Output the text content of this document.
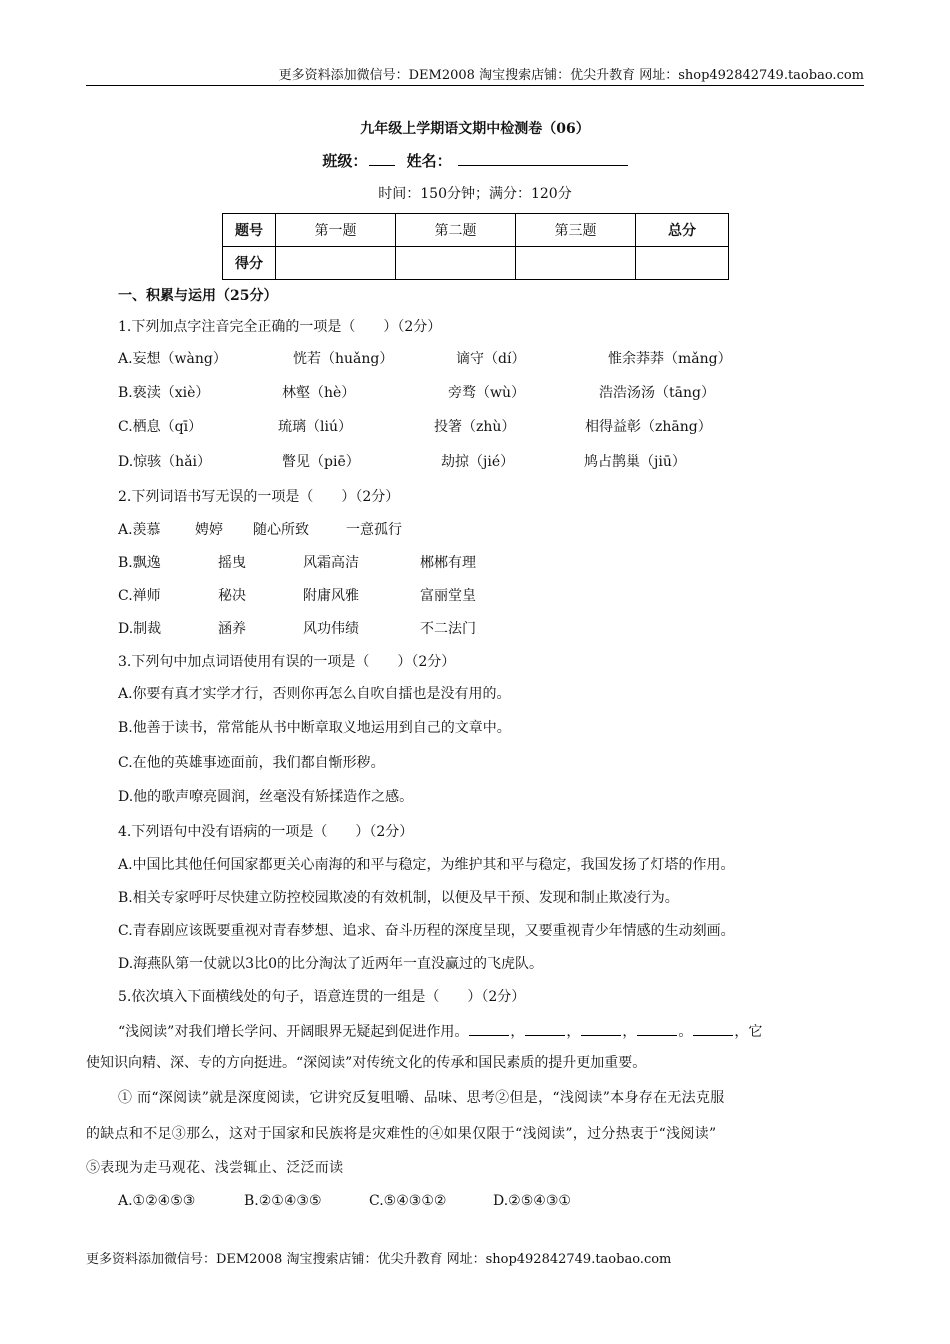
更多资料添加微信号：DEM2008 淘宝搜索店铺：优尖升教育 网址：shop492842749.taobao.com
九年级上学期语文期中检测卷（06）
班级：	姓名：
时间：150分钟；满分：120分
题号	第一题	第二题	第三题	总分
得分				
一、积累与运用（25分）
1.下列加点字注音完全正确的一项是（　　）（2分）
A.妄想（wàng）	恍若（huǎng）	谪守（dí）	惟余莽莽（mǎng）
B.亵渎（xiè）	林壑（hè）	旁骛（wù）	浩浩汤汤（tāng）
C.栖息（qī）	琉璃（liú）	投箸（zhù）	相得益彰（zhāng）
D.惊骇（hǎi）	瞥见（piē）	劫掠（jié）	鸠占鹊巢（jiū）
2.下列词语书写无误的一项是（　　）（2分）
A.羡慕 娉婷 随心所致	一意孤行
B.飘逸	摇曳	风霜高洁	郴郴有理
C.禅师	秘决	附庸风雅	富丽堂皇
D.制裁	涵养	风功伟绩	不二法门
3.下列句中加点词语使用有误的一项是（　　）（2分）
A.你要有真才实学才行，否则你再怎么自吹自擂也是没有用的。
B.他善于读书，常常能从书中断章取义地运用到自己的文章中。
C.在他的英雄事迹面前，我们都自惭形秽。
D.他的歌声嘹亮圆润，丝毫没有矫揉造作之感。
4.下列语句中没有语病的一项是（　　）（2分）
A.中国比其他任何国家都更关心南海的和平与稳定，为维护其和平与稳定，我国发扬了灯塔的作用。
B.相关专家呼吁尽快建立防控校园欺凌的有效机制，以便及早干预、发现和制止欺凌行为。
C.青春剧应该既要重视对青春梦想、追求、奋斗历程的深度呈现，又要重视青少年情感的生动刻画。
D.海燕队第一仗就以3比0的比分淘汰了近两年一直没赢过的飞虎队。
5.依次填入下面横线处的句子，语意连贯的一组是（　　）（2分）
“浅阅读”对我们增长学问、开阔眼界无疑起到促进作用。	，	，	，	。	，它
使知识向精、深、专的方向挺进。“深阅读”对传统文化的传承和国民素质的提升更加重要。
① 而“深阅读”就是深度阅读，它讲究反复咀嚼、品味、思考②但是，“浅阅读”本身存在无法克服
的缺点和不足③那么，这对于国家和民族将是灾难性的④如果仅限于“浅阅读”，过分热衷于“浅阅读”
⑤表现为走马观花、浅尝辄止、泛泛而读
A.①②④⑤③	B.②①④③⑤	C.⑤④③①②	D.②⑤④③①
更多资料添加微信号：DEM2008 淘宝搜索店铺：优尖升教育 网址：shop492842749.taobao.com
